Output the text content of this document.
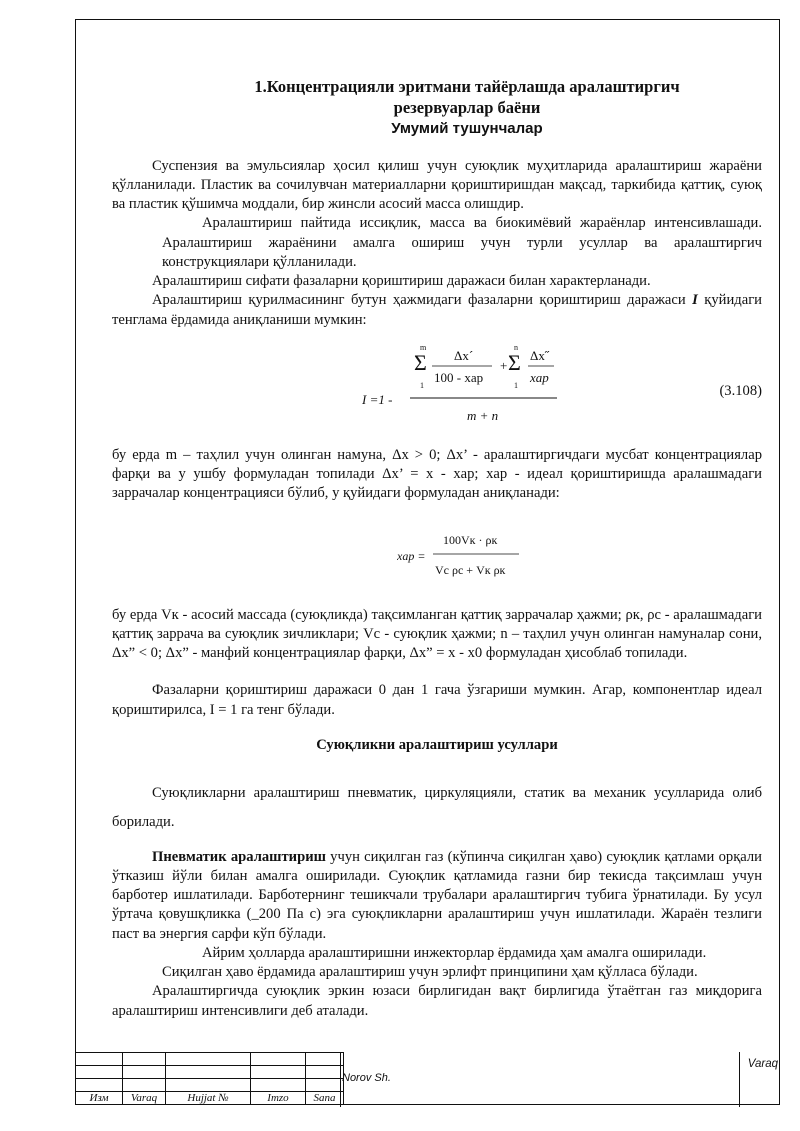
1.Концентрацияли эритмани тайёрлашда аралаштиргич
резервуарлар баёни
Умумий тушунчалар

Суспензия ва эмульсиялар ҳосил қилиш учун суюқлик муҳитларида аралаштириш жараёни қўлланилади. Пластик ва сочилувчан материалларни қориштиришдан мақсад, таркибида қаттиқ, суюқ ва пластик қўшимча моддали, бир жинсли асосий масса олишдир.

Аралаштириш пайтида иссиқлик, масса ва биокимёвий жараёнлар интенсивлашади. Аралаштириш жараёнини амалга ошириш учун турли усуллар ва аралаштиргич конструкциялари қўлланилади.

Аралаштириш сифати фазаларни қориштириш даражаси билан характерланади.

Аралаштириш қурилмасининг бутун ҳажмидаги фазаларни қориштириш даражаси I қуйидаги тенглама ёрдамида аниқланиши мумкин:

I =1 -
m
Σ
1
Δx´
100 - xар
+
n
Σ
1
Δx˝
xар
m + n
(3.108)

бу ерда m – таҳлил учун олинган намуна, Δx > 0; Δx’ - аралаштиргичдаги мусбат концентрациялар фарқи ва у ушбу формуладан топилади Δx’ = x - xар; xар - идеал қориштиришда аралашмадаги заррачалар концентрацияси бўлиб, у қуйидаги формуладан аниқланади:

xар =
100Vк · ρк
Vс ρс + Vк ρк

бу ерда Vк - асосий массада (суюқликда) тақсимланган қаттиқ заррачалар ҳажми; ρк, ρс - аралашмадаги қаттиқ заррача ва суюқлик зичликлари; Vс - суюқлик ҳажми; n – таҳлил учун олинган намуналар сони, Δx” < 0; Δx” - манфий концентрациялар фарқи, Δx” = x - x0 формуладан ҳисоблаб топилади.

Фазаларни қориштириш даражаси 0 дан 1 гача ўзгариши мумкин. Агар, компонентлар идеал қориштирилса, I = 1 га тенг бўлади.

Суюқликни аралаштириш усуллари

Суюқликларни аралаштириш пневматик, циркуляцияли, статик ва механик усулларида олиб борилади.

Пневматик аралаштириш учун сиқилган газ (кўпинча сиқилган ҳаво) суюқлик қатлами орқали ўтказиш йўли билан амалга оширилади. Суюқлик қатламида газни бир текисда тақсимлаш учун барботер ишлатилади. Барботернинг тешикчали трубалари аралаштиргич тубига ўрнатилади. Бу усул ўртача қовушқликка (_200 Па с) эга суюқликларни аралаштириш учун ишлатилади. Жараён тезлиги паст ва энергия сарфи кўп бўлади.

Айрим ҳолларда аралаштиришни инжекторлар ёрдамида ҳам амалга оширилади.

Сиқилган ҳаво ёрдамида аралаштириш учун эрлифт принципини ҳам қўлласа бўлади.

Аралаштиргичда суюқлик эркин юзаси бирлигидан вақт бирлигида ўтаётган газ миқдорига аралаштириш интенсивлиги деб аталади.

Изм	Varaq	Hujjat №	Imzo	Sana
Norov Sh.
Varaq
